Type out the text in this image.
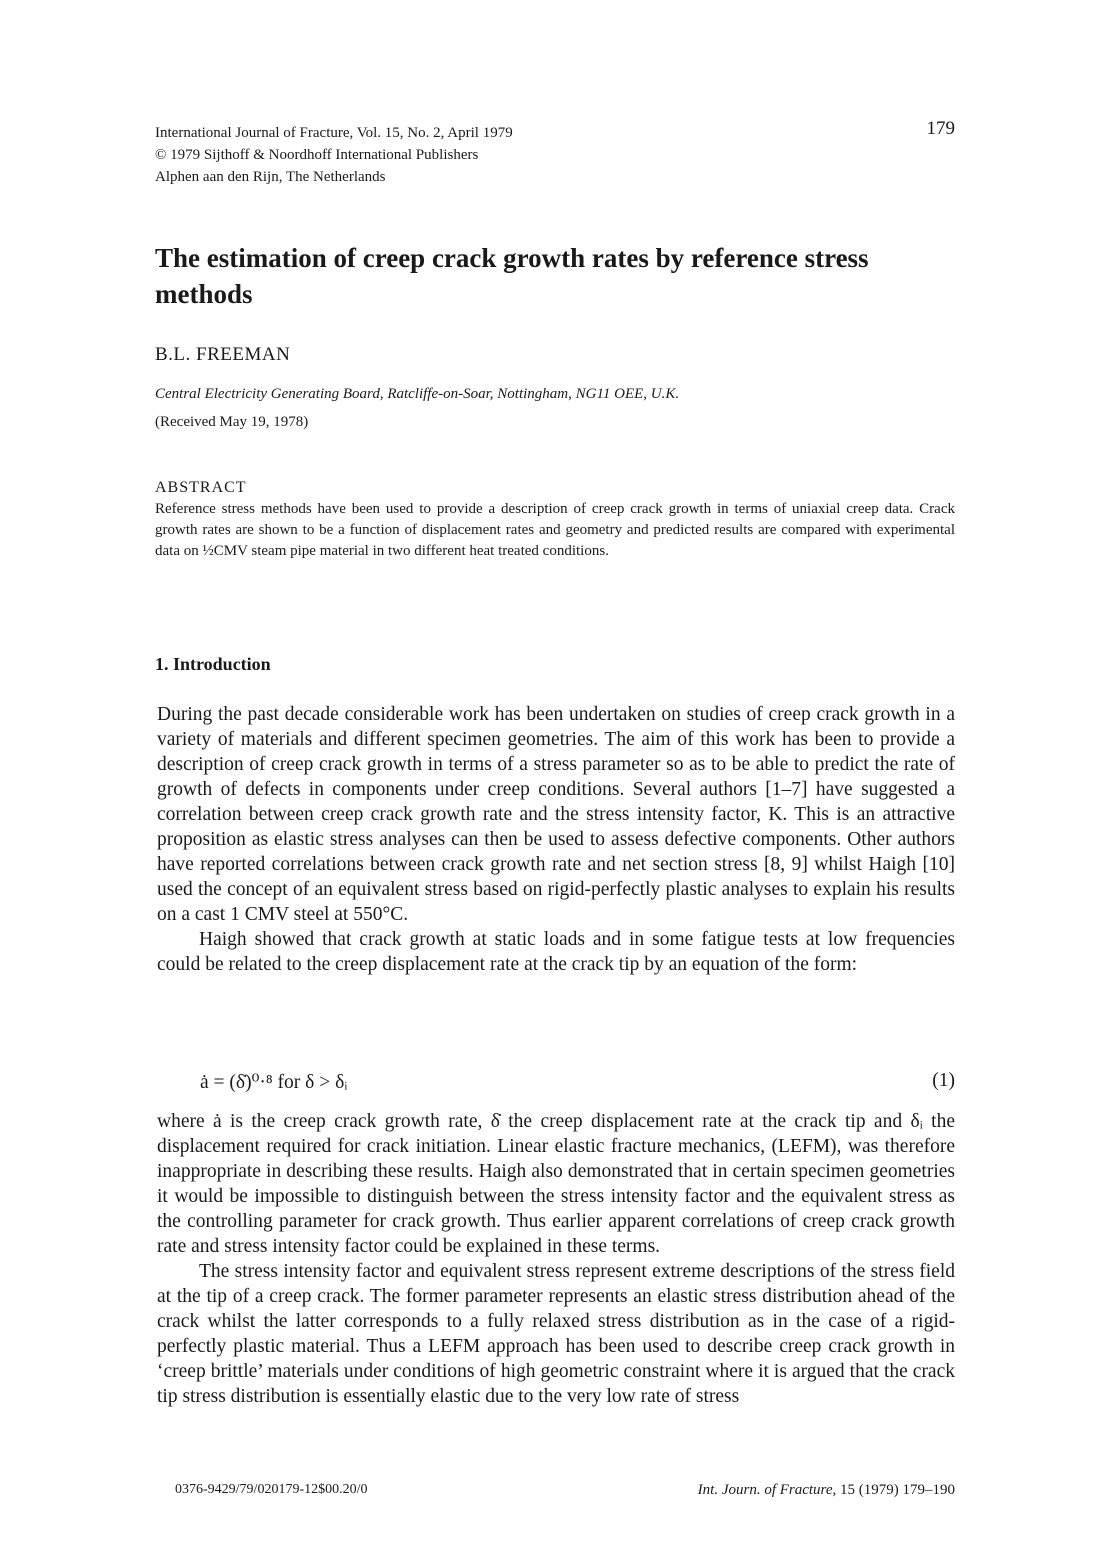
International Journal of Fracture, Vol. 15, No. 2, April 1979
© 1979 Sijthoff & Noordhoff International Publishers
Alphen aan den Rijn, The Netherlands
179
The estimation of creep crack growth rates by reference stress methods
B.L. FREEMAN
Central Electricity Generating Board, Ratcliffe-on-Soar, Nottingham, NG11 OEE, U.K.
(Received May 19, 1978)
ABSTRACT
Reference stress methods have been used to provide a description of creep crack growth in terms of uniaxial creep data. Crack growth rates are shown to be a function of displacement rates and geometry and predicted results are compared with experimental data on ½CMV steam pipe material in two different heat treated conditions.
1. Introduction

During the past decade considerable work has been undertaken on studies of creep crack growth in a variety of materials and different specimen geometries. The aim of this work has been to provide a description of creep crack growth in terms of a stress parameter so as to be able to predict the rate of growth of defects in components under creep conditions. Several authors [1–7] have suggested a correlation between creep crack growth rate and the stress intensity factor, K. This is an attractive proposition as elastic stress analyses can then be used to assess defective components. Other authors have reported correlations between crack growth rate and net section stress [8, 9] whilst Haigh [10] used the concept of an equivalent stress based on rigid-perfectly plastic analyses to explain his results on a cast 1 CMV steel at 550°C.

Haigh showed that crack growth at static loads and in some fatigue tests at low frequencies could be related to the creep displacement rate at the crack tip by an equation of the form:

ȧ = (δ̇)⁰·⁸ for δ > δᵢ	(1)

where ȧ is the creep crack growth rate, δ̇ the creep displacement rate at the crack tip and δᵢ the displacement required for crack initiation. Linear elastic fracture mechanics, (LEFM), was therefore inappropriate in describing these results. Haigh also demonstrated that in certain specimen geometries it would be impossible to distinguish between the stress intensity factor and the equivalent stress as the controlling parameter for crack growth. Thus earlier apparent correlations of creep crack growth rate and stress intensity factor could be explained in these terms.

The stress intensity factor and equivalent stress represent extreme descriptions of the stress field at the tip of a creep crack. The former parameter represents an elastic stress distribution ahead of the crack whilst the latter corresponds to a fully relaxed stress distribution as in the case of a rigid-perfectly plastic material. Thus a LEFM approach has been used to describe creep crack growth in ‘creep brittle’ materials under conditions of high geometric constraint where it is argued that the crack tip stress distribution is essentially elastic due to the very low rate of stress

0376-9429/79/020179-12$00.20/0	Int. Journ. of Fracture, 15 (1979) 179–190
